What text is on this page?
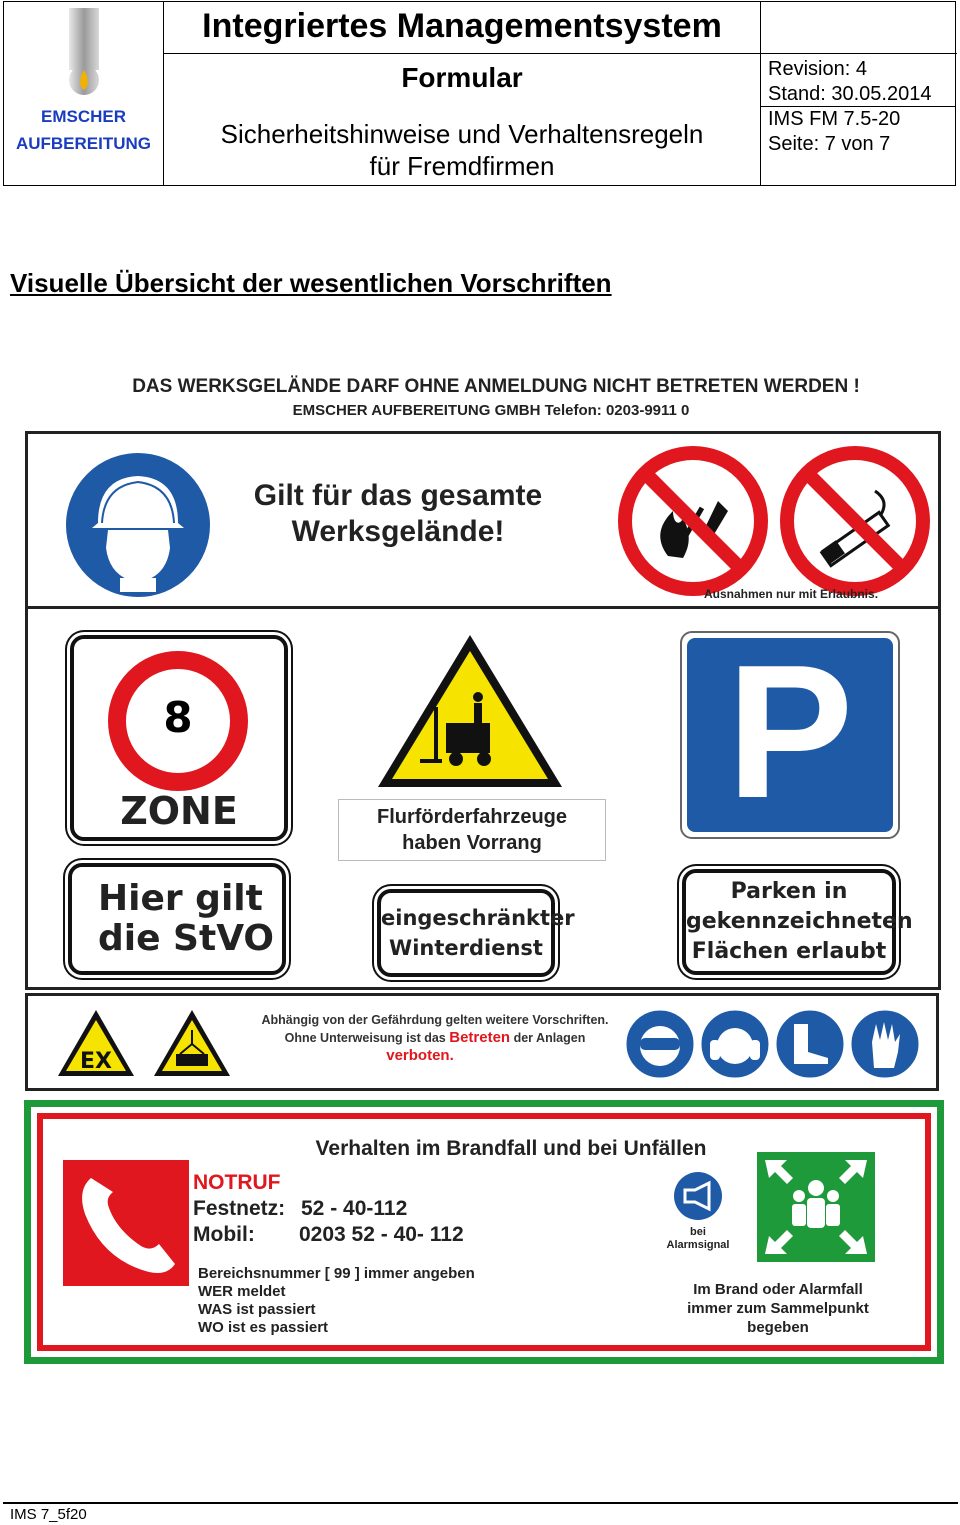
EMSCHER
AUFBEREITUNG
Integriertes Managementsystem
Formular
Sicherheitshinweise und Verhaltensregeln
für Fremdfirmen
Revision: 4
Stand: 30.05.2014
IMS FM 7.5-20
Seite: 7 von 7
Visuelle Übersicht der wesentlichen Vorschriften
DAS WERKSGELÄNDE DARF OHNE ANMELDUNG NICHT BETRETEN WERDEN !
EMSCHER AUFBEREITUNG GMBH Telefon: 0203-9911 0
Gilt für das gesamte
Werksgelände!
Ausnahmen nur mit Erlaubnis.
8
ZONE
Hier gilt
die StVO
Flurförderfahrzeuge
haben Vorrang
eingeschränkter
Winterdienst
P
Parken in
gekennzeichneten
Flächen erlaubt
EX
Abhängig von der Gefährdung gelten weitere Vorschriften.
Ohne Unterweisung ist das Betreten der Anlagen
verboten.
Verhalten im Brandfall und bei Unfällen
NOTRUF
Festnetz: 52 - 40-112
Mobil: 0203 52 - 40- 112
Bereichsnummer [ 99 ] immer angeben
WER meldet
WAS ist passiert
WO ist es passiert
bei
Alarmsignal
Im Brand oder Alarmfall
immer zum Sammelpunkt
begeben
IMS 7_5f20
